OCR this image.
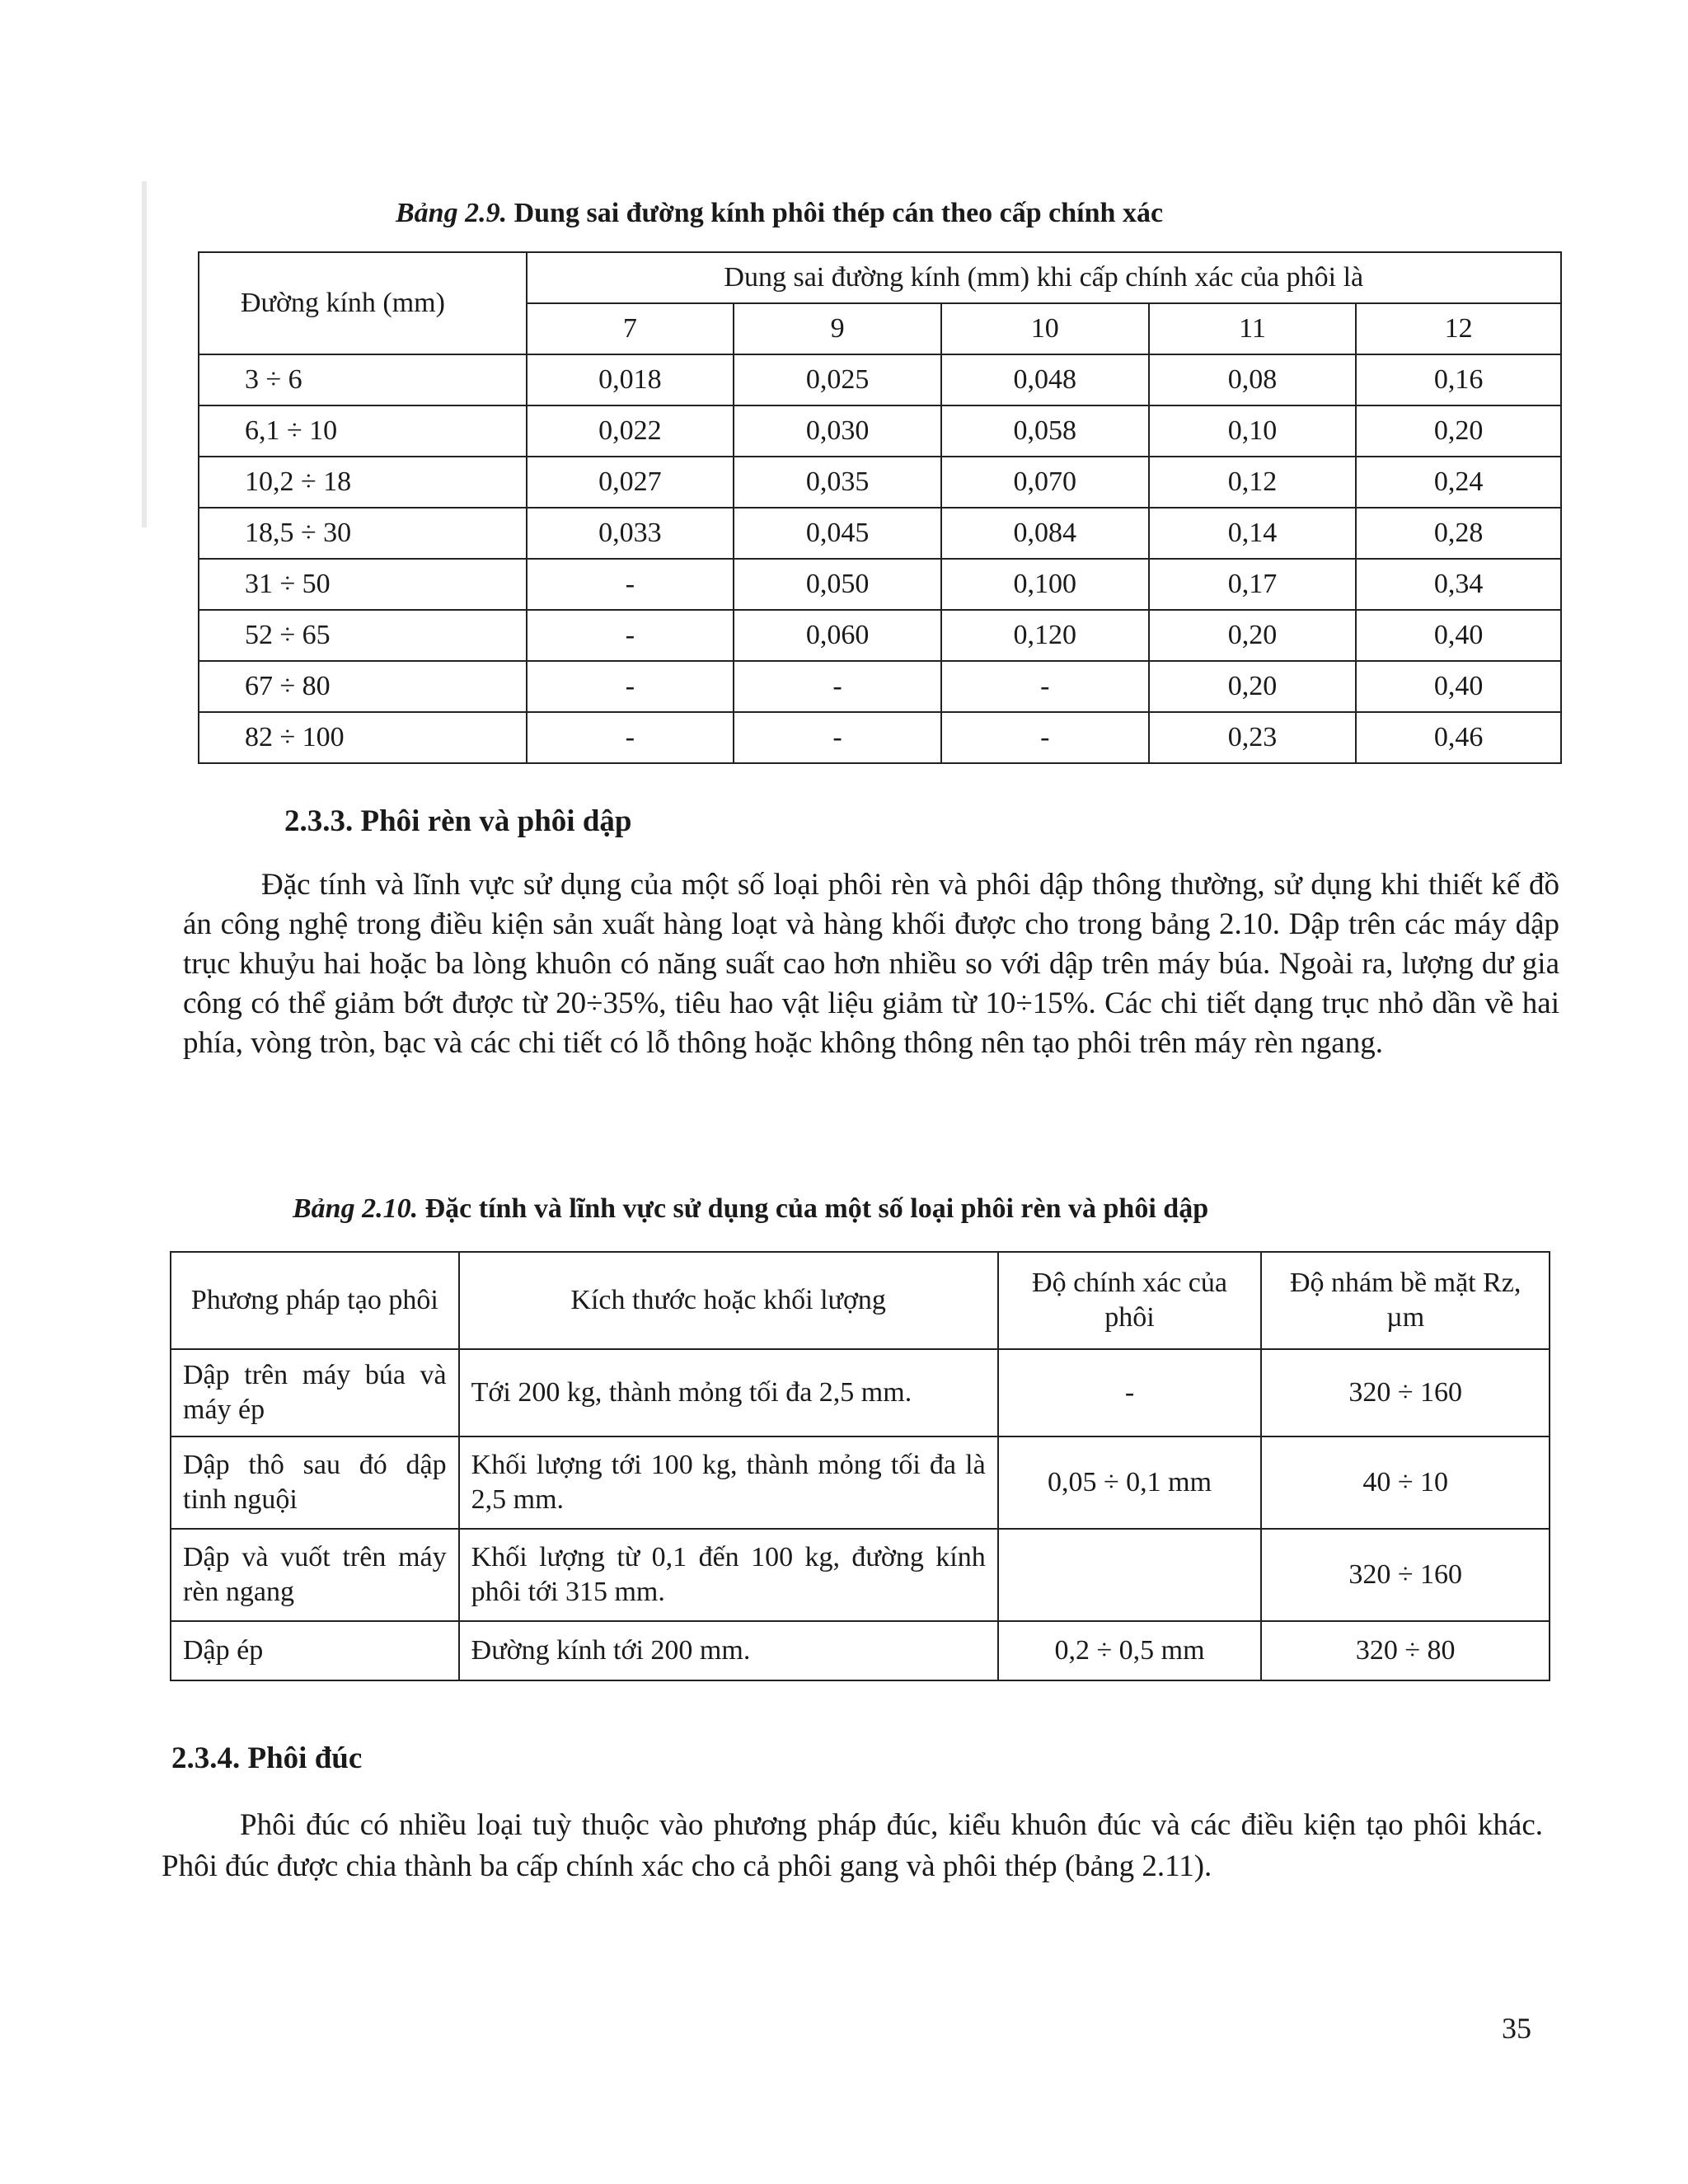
Bảng 2.9. Dung sai đường kính phôi thép cán theo cấp chính xác
Đường kính (mm)	Dung sai đường kính (mm) khi cấp chính xác của phôi là				
	7	9	10	11	12
3 ÷ 6	0,018	0,025	0,048	0,08	0,16
6,1 ÷ 10	0,022	0,030	0,058	0,10	0,20
10,2 ÷ 18	0,027	0,035	0,070	0,12	0,24
18,5 ÷ 30	0,033	0,045	0,084	0,14	0,28
31 ÷ 50	-	0,050	0,100	0,17	0,34
52 ÷ 65	-	0,060	0,120	0,20	0,40
67 ÷ 80	-	-	-	0,20	0,40
82 ÷ 100	-	-	-	0,23	0,46
2.3.3. Phôi rèn và phôi dập
Đặc tính và lĩnh vực sử dụng của một số loại phôi rèn và phôi dập thông thường, sử dụng khi thiết kế đồ án công nghệ trong điều kiện sản xuất hàng loạt và hàng khối được cho trong bảng 2.10. Dập trên các máy dập trục khuỷu hai hoặc ba lòng khuôn có năng suất cao hơn nhiều so với dập trên máy búa. Ngoài ra, lượng dư gia công có thể giảm bớt được từ 20÷35%, tiêu hao vật liệu giảm từ 10÷15%. Các chi tiết dạng trục nhỏ dần về hai phía, vòng tròn, bạc và các chi tiết có lỗ thông hoặc không thông nên tạo phôi trên máy rèn ngang.
Bảng 2.10. Đặc tính và lĩnh vực sử dụng của một số loại phôi rèn và phôi dập
Phương pháp tạo phôi	Kích thước hoặc khối lượng	Độ chính xác của phôi	Độ nhám bề mặt Rz, µm
Dập trên máy búa và máy ép	Tới 200 kg, thành mỏng tối đa 2,5 mm.	-	320 ÷ 160
Dập thô sau đó dập tinh nguội	Khối lượng tới 100 kg, thành mỏng tối đa là 2,5 mm.	0,05 ÷ 0,1 mm	40 ÷ 10
Dập và vuốt trên máy rèn ngang	Khối lượng từ 0,1 đến 100 kg, đường kính phôi tới 315 mm.		320 ÷ 160
Dập ép	Đường kính tới 200 mm.	0,2 ÷ 0,5 mm	320 ÷ 80
2.3.4. Phôi đúc
Phôi đúc có nhiều loại tuỳ thuộc vào phương pháp đúc, kiểu khuôn đúc và các điều kiện tạo phôi khác. Phôi đúc được chia thành ba cấp chính xác cho cả phôi gang và phôi thép (bảng 2.11).
35
